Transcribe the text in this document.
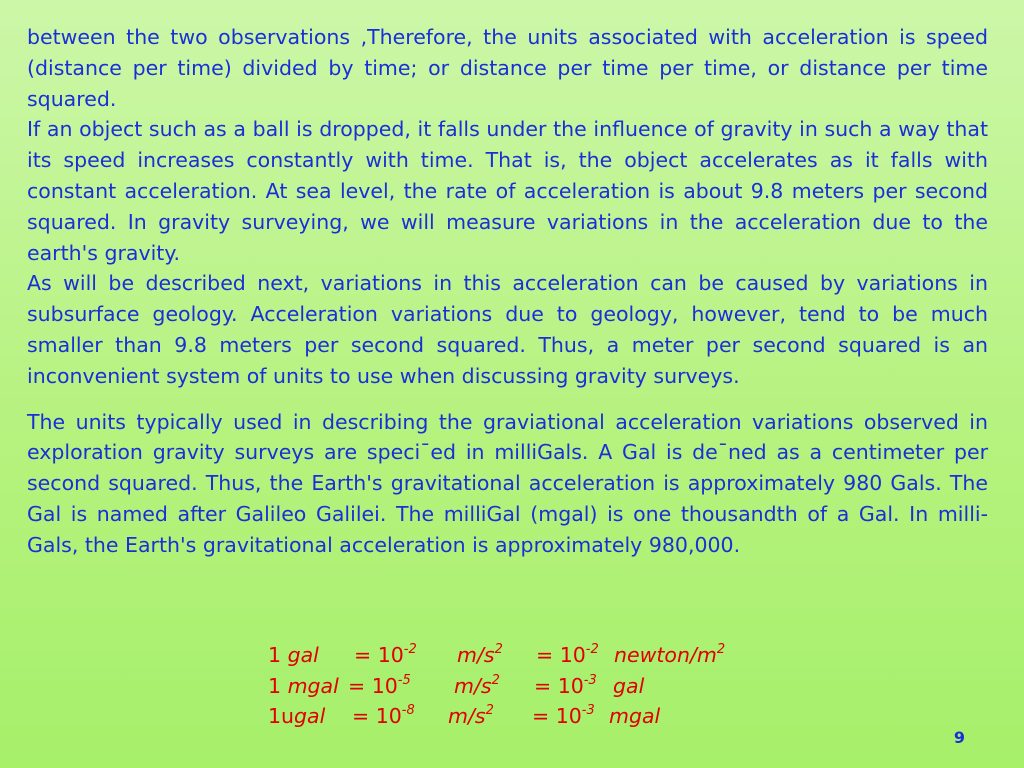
between the two observations ,Therefore, the units associated with acceleration is speed (distance per time) divided by time; or distance per time per time, or distance per time squared.

If an object such as a ball is dropped, it falls under the influence of gravity in such a way that its speed increases constantly with time. That is, the object accelerates as it falls with constant acceleration. At sea level, the rate of acceleration is about 9.8 meters per second squared. In gravity surveying, we will measure variations in the acceleration due to the earth's gravity.

As will be described next, variations in this acceleration can be caused by variations in subsurface geology. Acceleration variations due to geology, however, tend to be much smaller than 9.8 meters per second squared. Thus, a meter per second squared is an inconvenient system of units to use when discussing gravity surveys.

The units typically used in describing the graviational acceleration variations observed in exploration gravity surveys are speci¯ed in milliGals. A Gal is de¯ned as a centimeter per second squared. Thus, the Earth's gravitational acceleration is approximately 980 Gals. The Gal is named after Galileo Galilei. The milliGal (mgal) is one thousandth of a Gal. In milli- Gals, the Earth's gravitational acceleration is approximately 980,000.

1 gal = $10^{-2}$ $m/s^2 = 10^{-2}$ newton/$m^2$
1 mgal = $10^{-5}$ $m/s^2 = 10^{-3}$ gal
1ugal = $10^{-8}$ $m/s^2 = 10^{-3}$ mgal
9
